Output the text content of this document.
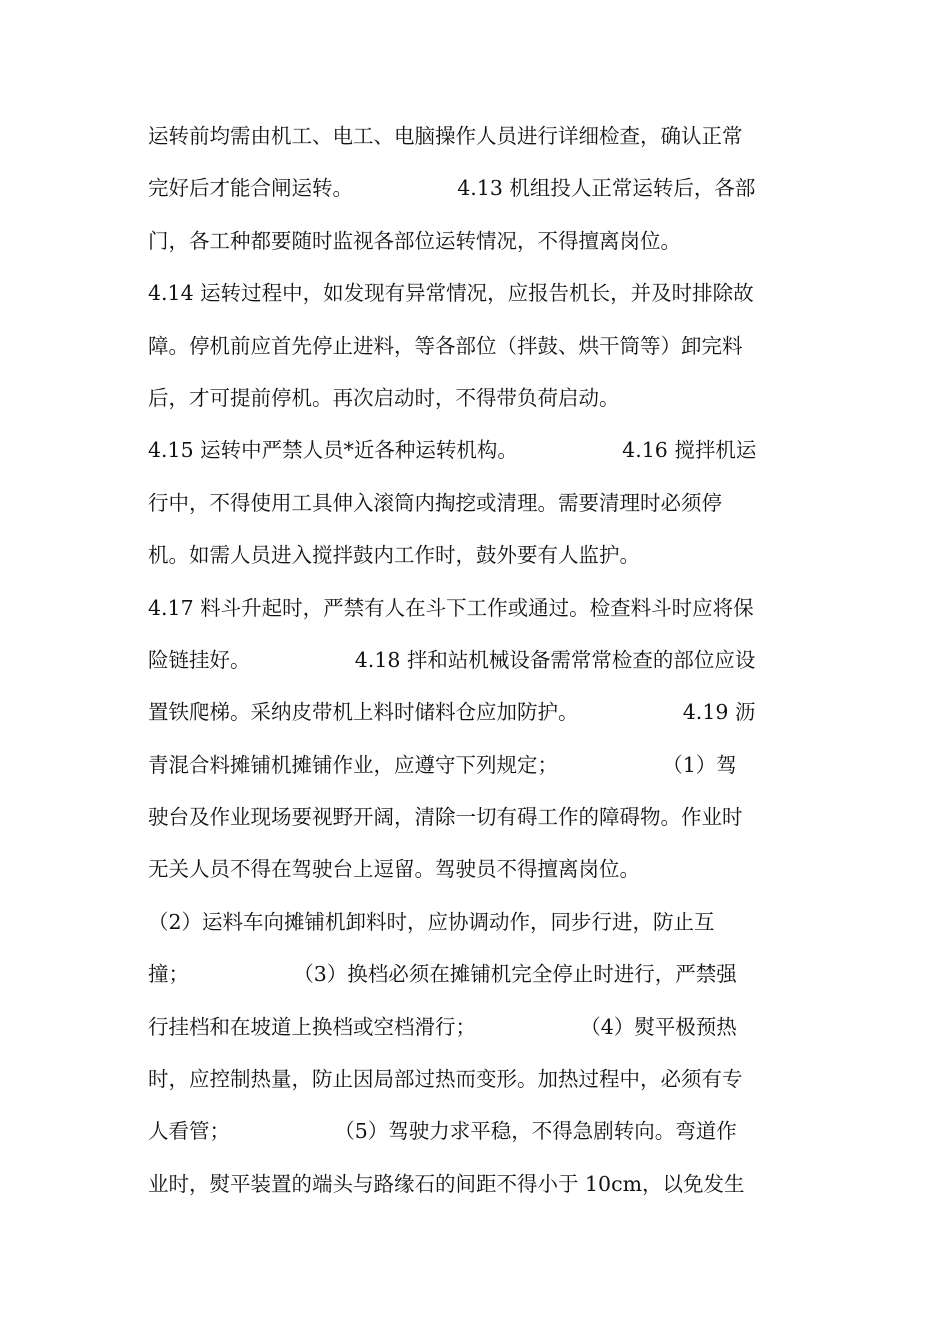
运转前均需由机工、电工、电脑操作人员进行详细检查，确认正常
完好后才能合闸运转。                4.13 机组投人正常运转后，各部
门，各工种都要随时监视各部位运转情况，不得擅离岗位。
4.14 运转过程中，如发现有异常情况，应报告机长，并及时排除故
障。停机前应首先停止进料，等各部位（拌鼓、烘干筒等）卸完料
后，才可提前停机。再次启动时，不得带负荷启动。
4.15 运转中严禁人员*近各种运转机构。                4.16 搅拌机运
行中，不得使用工具伸入滚筒内掏挖或清理。需要清理时必须停
机。如需人员进入搅拌鼓内工作时，鼓外要有人监护。
4.17 料斗升起时，严禁有人在斗下工作或通过。检查料斗时应将保
险链挂好。                4.18 拌和站机械设备需常常检查的部位应设
置铁爬梯。采纳皮带机上料时储料仓应加防护。                4.19 沥
青混合料摊铺机摊铺作业，应遵守下列规定；                （1）驾
驶台及作业现场要视野开阔，清除一切有碍工作的障碍物。作业时
无关人员不得在驾驶台上逗留。驾驶员不得擅离岗位。
（2）运料车向摊铺机卸料时，应协调动作，同步行进，防止互
撞；                （3）换档必须在摊铺机完全停止时进行，严禁强
行挂档和在坡道上换档或空档滑行；                （4）熨平极预热
时，应控制热量，防止因局部过热而变形。加热过程中，必须有专
人看管；                （5）驾驶力求平稳，不得急剧转向。弯道作
业时，熨平装置的端头与路缘石的间距不得小于 10cm，以免发生
